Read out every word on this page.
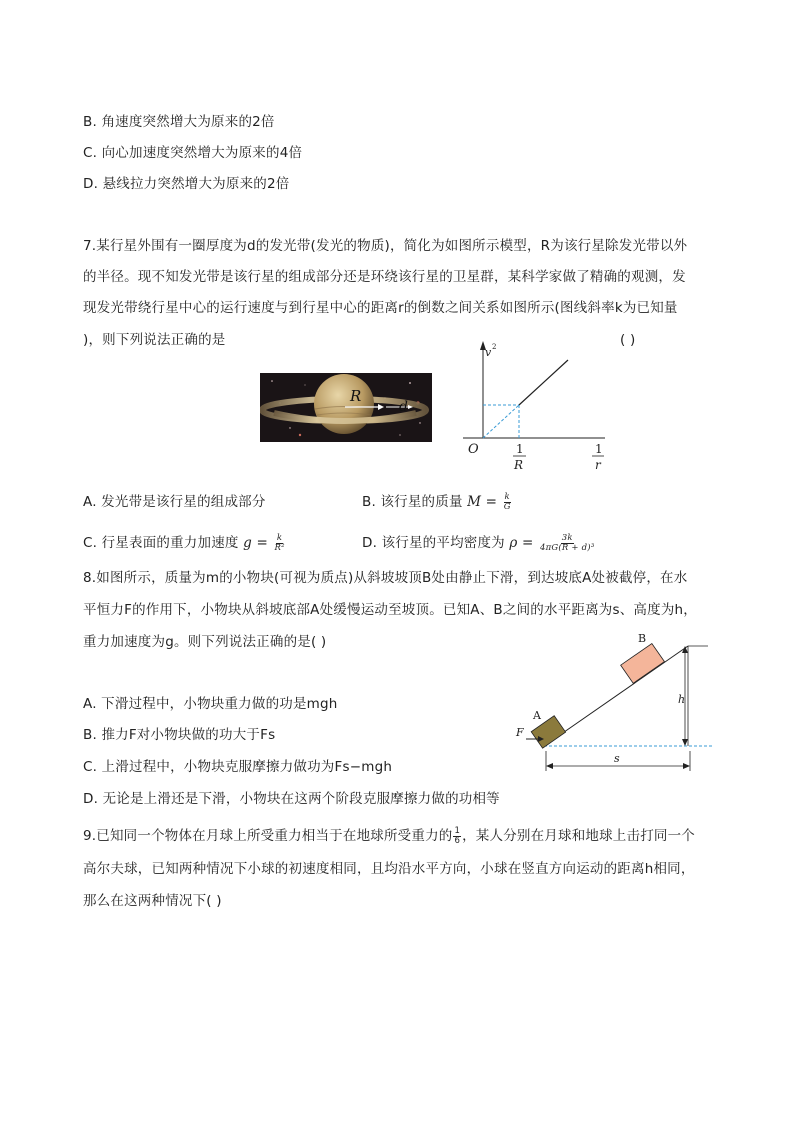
B. 角速度突然增大为原来的2倍
C. 向心加速度突然增大为原来的4倍
D. 悬线拉力突然增大为原来的2倍
7.某行星外围有一圈厚度为d的发光带(发光的物质)，简化为如图所示模型，R为该行星除发光带以外
的半径。现不知发光带是该行星的组成部分还是环绕该行星的卫星群，某科学家做了精确的观测，发
现发光带绕行星中心的运行速度与到行星中心的距离r的倒数之间关系如图所示(图线斜率k为已知量
)，则下列说法正确的是	( )
R
d
v 2
O	1
R
1
r
A. 发光带是该行星的组成部分	B. 该行星的质量 $M = \frac{k}{G}$
C. 行星表面的重力加速度 $g = \frac{k}{\text{R²}}$	D. 该行星的平均密度为 $\rho = \frac{3k}{\text{4πG(R + d)³}}$
8.如图所示，质量为m的小物块(可视为质点)从斜坡坡顶B处由静止下滑，到达坡底A处被截停，在水
平恒力F的作用下，小物块从斜坡底部A处缓慢运动至坡顶。已知A、B之间的水平距离为s、高度为h，
重力加速度为g。则下列说法正确的是( )
A. 下滑过程中，小物块重力做的功是mgh
B. 推力F对小物块做的功大于Fs
C. 上滑过程中，小物块克服摩擦力做功为Fs−mgh
D. 无论是上滑还是下滑，小物块在这两个阶段克服摩擦力做的功相等
h
s
A
B
F
9.已知同一个物体在月球上所受重力相当于在地球所受重力的 $\frac{1}{6}$ ，某人分别在月球和地球上击打同一个
高尔夫球，已知两种情况下小球的初速度相同，且均沿水平方向，小球在竖直方向运动的距离h相同，
那么在这两种情况下( )
